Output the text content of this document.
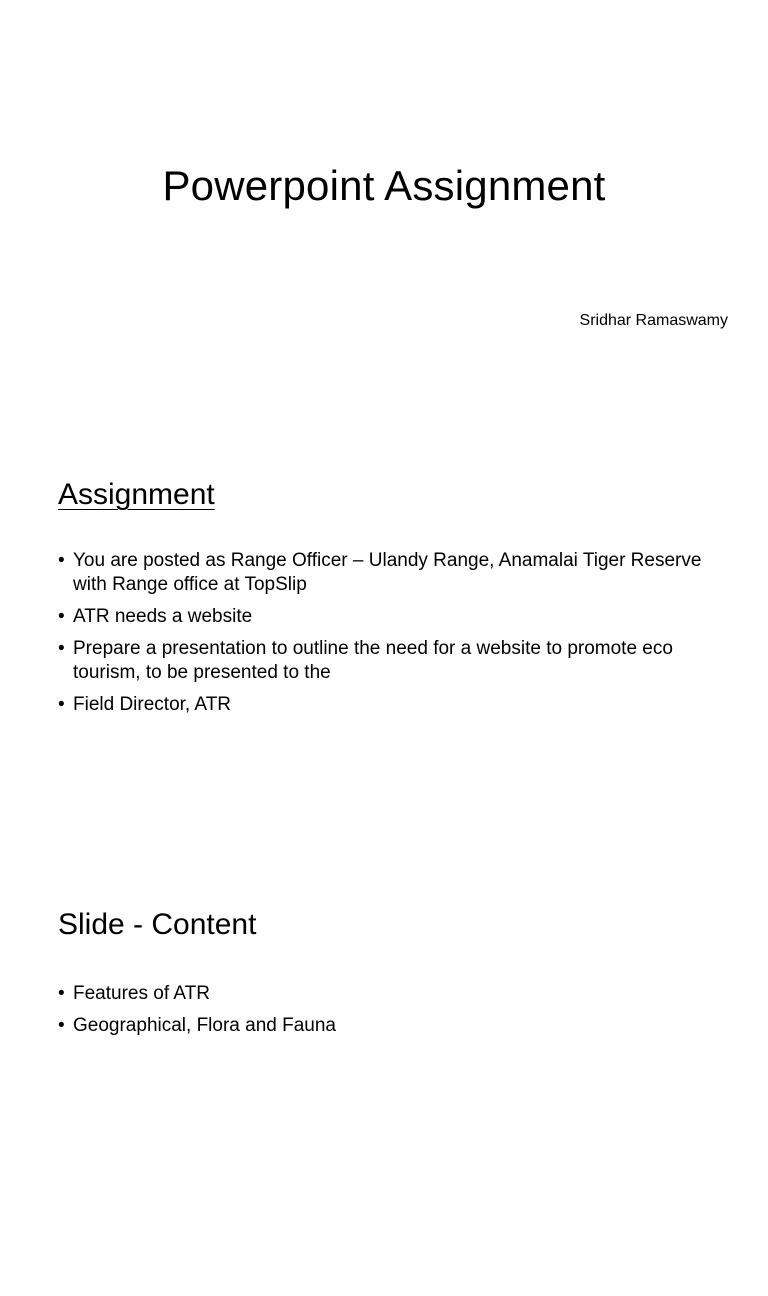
Powerpoint Assignment

Sridhar Ramaswamy

Assignment
• You are posted as Range Officer – Ulandy Range, Anamalai Tiger Reserve with Range office at TopSlip
• ATR needs a website
• Prepare a presentation to outline the need for a website to promote eco tourism, to be presented to the
• Field Director, ATR
Slide - Content
• Features of ATR
• Geographical, Flora and Fauna
